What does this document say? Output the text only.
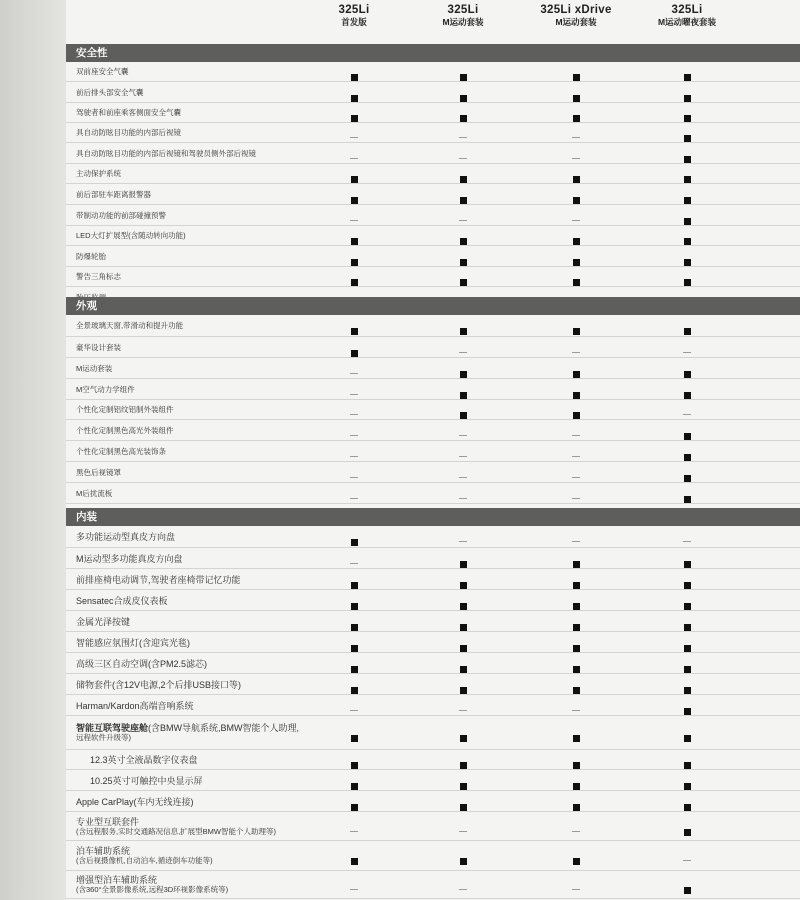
325Li
首发版
325Li
M运动套装
325Li xDrive
M运动套装
325Li
M运动曜夜套装
安全性
双前座安全气囊
前后排头部安全气囊
驾驶者和前座乘客侧面安全气囊
具自动防眩目功能的内部后视镜
具自动防眩目功能的内部后视镜和驾驶员侧外部后视镜
主动保护系统
前后部驻车距离报警器
带制动功能的前部碰撞预警
LED大灯扩展型(含随动转向功能)
防爆轮胎
警告三角标志
外观
全景玻璃天窗,带滑动和提升功能
豪华设计套装
M运动套装
M空气动力学组件
个性化定制铝纹铝制外装组件
个性化定制黑色高光外装组件
个性化定制黑色高光装饰条
黑色后视镜罩
M后扰流板
内装
多功能运动型真皮方向盘
M运动型多功能真皮方向盘
前排座椅电动调节,驾驶者座椅带记忆功能
Sensatec合成皮仪表板
金属光泽按键
智能感应氛围灯(含迎宾光毯)
高级三区自动空调(含PM2.5滤芯)
储物套件(含12V电源,2个后排USB接口等)
Harman/Kardon高端音响系统
智能互联驾驶座舱(含BMW导航系统,BMW智能个人助理,
远程软件升级等)
12.3英寸全液晶数字仪表盘
10.25英寸可触控中央显示屏
Apple CarPlay(车内无线连接)
专业型互联套件
(含远程服务,实时交通路况信息,扩展型BMW智能个人助理等)
泊车辅助系统
(含后视摄像机,自动泊车,循迹倒车功能等)
增强型泊车辅助系统
(含360°全景影像系统,远程3D环视影像系统等)
